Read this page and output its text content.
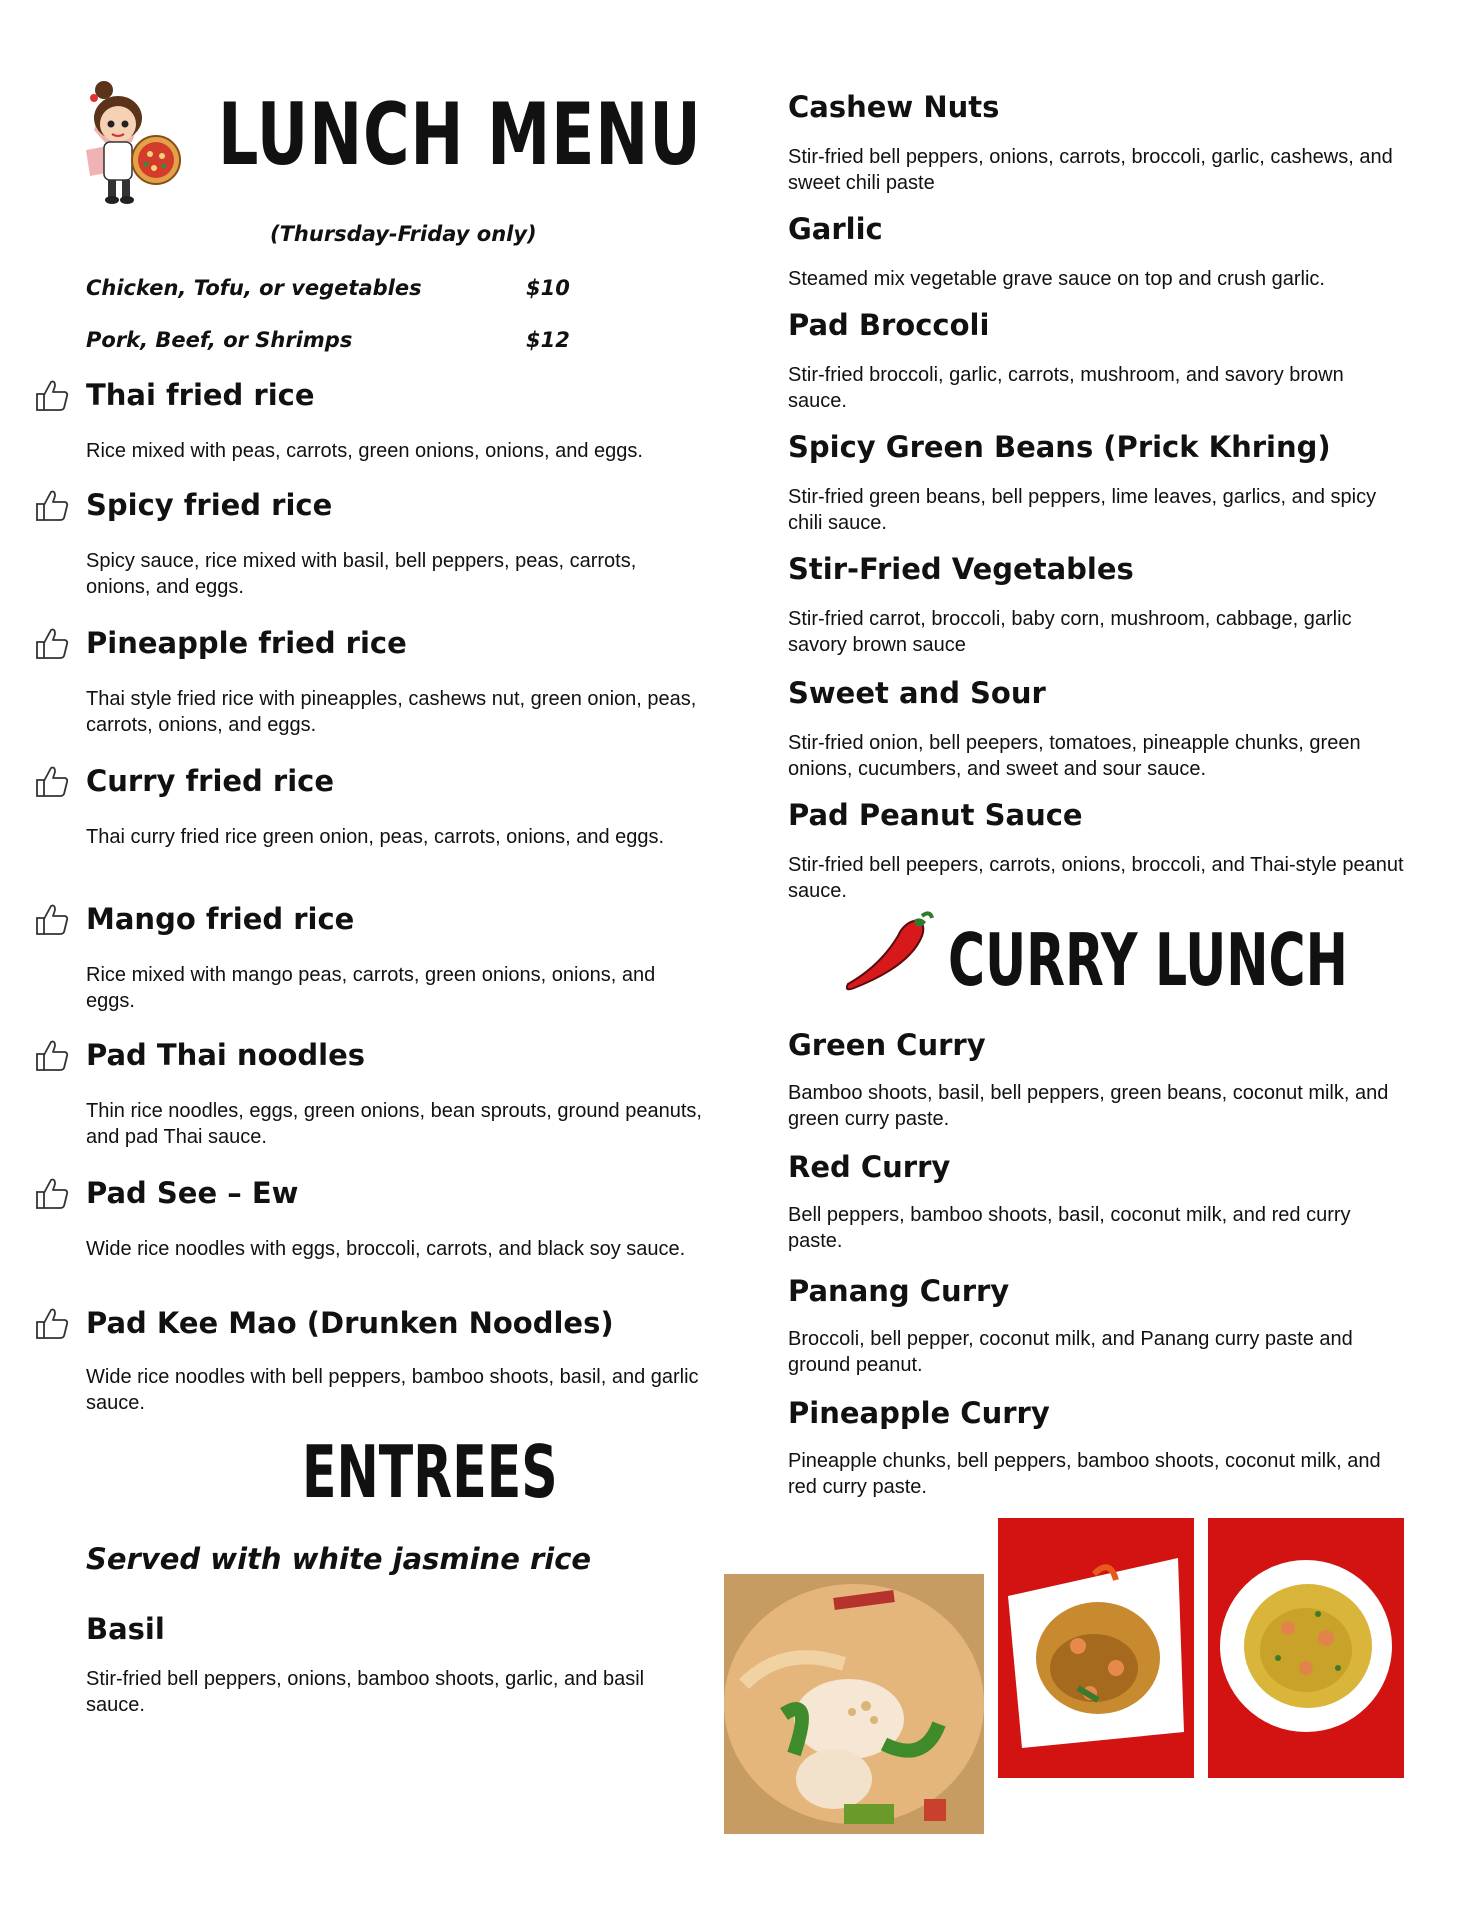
LUNCH MENU
(Thursday-Friday only)
Chicken, Tofu, or vegetables	$10
Pork, Beef, or Shrimps	$12
Thai fried rice

Rice mixed with peas, carrots, green onions, onions, and eggs.

Spicy fried rice

Spicy sauce, rice mixed with basil, bell peppers, peas, carrots, onions, and eggs.

Pineapple fried rice

Thai style fried rice with pineapples, cashews nut, green onion, peas, carrots, onions, and eggs.

Curry fried rice

Thai curry fried rice green onion, peas, carrots, onions, and eggs.

Mango fried rice

Rice mixed with mango peas, carrots, green onions, onions, and eggs.

Pad Thai noodles

Thin rice noodles, eggs, green onions, bean sprouts, ground peanuts, and pad Thai sauce.

Pad See – Ew

Wide rice noodles with eggs, broccoli, carrots, and black soy sauce.

Pad Kee Mao (Drunken Noodles)

Wide rice noodles with bell peppers, bamboo shoots, basil, and garlic sauce.

ENTREES
Served with white jasmine rice
Basil

Stir-fried bell peppers, onions, bamboo shoots, garlic, and basil sauce.

Cashew Nuts

Stir-fried bell peppers, onions, carrots, broccoli, garlic, cashews, and sweet chili paste

Garlic

Steamed mix vegetable grave sauce on top and crush garlic.

Pad Broccoli

Stir-fried broccoli, garlic, carrots, mushroom, and savory brown sauce.

Spicy Green Beans (Prick Khring)

Stir-fried green beans, bell peppers, lime leaves, garlics, and spicy chili sauce.

Stir-Fried Vegetables

Stir-fried carrot, broccoli, baby corn, mushroom, cabbage, garlic savory brown sauce

Sweet and Sour

Stir-fried onion, bell peepers, tomatoes, pineapple chunks, green onions, cucumbers, and sweet and sour sauce.

Pad Peanut Sauce

Stir-fried bell peepers, carrots, onions, broccoli, and Thai-style peanut sauce.

CURRY LUNCH
Green Curry

Bamboo shoots, basil, bell peppers, green beans, coconut milk, and green curry paste.

Red Curry

Bell peppers, bamboo shoots, basil, coconut milk, and red curry paste.

Panang Curry

Broccoli, bell pepper, coconut milk, and Panang curry paste and ground peanut.

Pineapple Curry

Pineapple chunks, bell peppers, bamboo shoots, coconut milk, and red curry paste.
